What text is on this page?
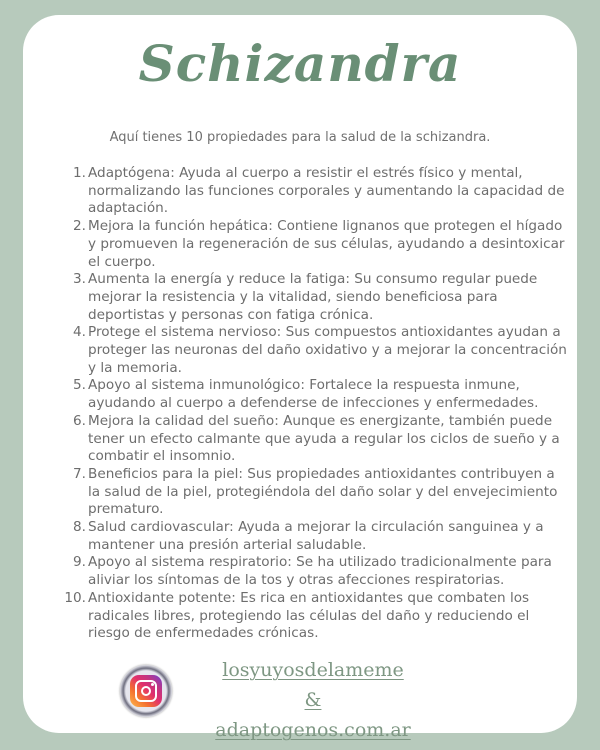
Schizandra
Aquí tienes 10 propiedades para la salud de la schizandra.
1. Adaptógena: Ayuda al cuerpo a resistir el estrés físico y mental, normalizando las funciones corporales y aumentando la capacidad de adaptación.
2. Mejora la función hepática: Contiene lignanos que protegen el hígado y promueven la regeneración de sus células, ayudando a desintoxicar el cuerpo.
3. Aumenta la energía y reduce la fatiga: Su consumo regular puede mejorar la resistencia y la vitalidad, siendo beneficiosa para deportistas y personas con fatiga crónica.
4. Protege el sistema nervioso: Sus compuestos antioxidantes ayudan a proteger las neuronas del daño oxidativo y a mejorar la concentración y la memoria.
5. Apoyo al sistema inmunológico: Fortalece la respuesta inmune, ayudando al cuerpo a defenderse de infecciones y enfermedades.
6. Mejora la calidad del sueño: Aunque es energizante, también puede tener un efecto calmante que ayuda a regular los ciclos de sueño y a combatir el insomnio.
7. Beneficios para la piel: Sus propiedades antioxidantes contribuyen a la salud de la piel, protegiéndola del daño solar y del envejecimiento prematuro.
8. Salud cardiovascular: Ayuda a mejorar la circulación sanguinea y a mantener una presión arterial saludable.
9. Apoyo al sistema respiratorio: Se ha utilizado tradicionalmente para aliviar los síntomas de la tos y otras afecciones respiratorias.
10. Antioxidante potente: Es rica en antioxidantes que combaten los radicales libres, protegiendo las células del daño y reduciendo el riesgo de enfermedades crónicas.
losyuyosdelameme
&
adaptogenos.com.ar
